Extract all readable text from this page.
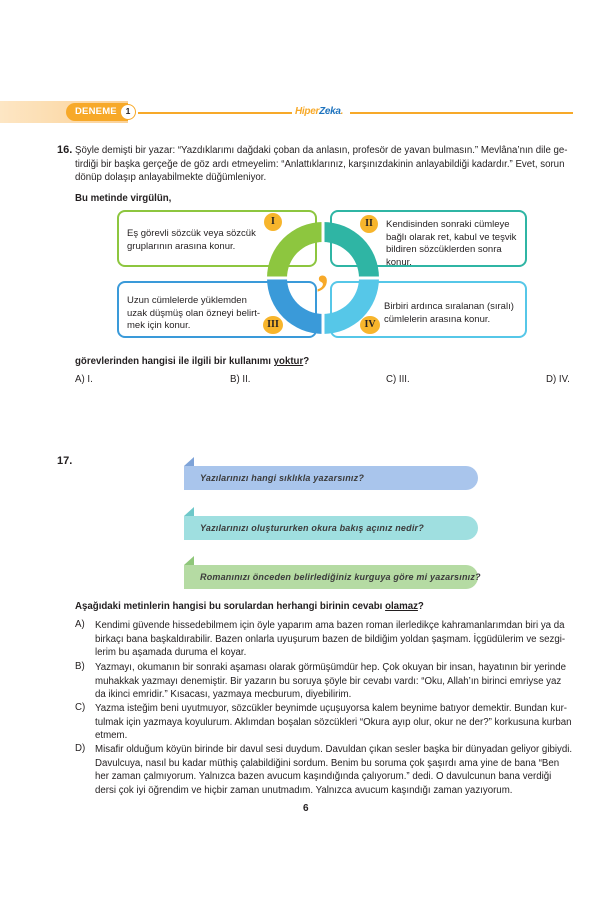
DENEME	1	HiperZeka.
16. Şöyle demişti bir yazar: “Yazdıklarımı dağdaki çoban da anlasın, profesör de yavan bulmasın.” Mevlâna’nın dile ge-
tirdiği bir başka gerçeğe de göz ardı etmeyelim: “Anlattıklarınız, karşınızdakinin anlayabildiği kadardır.” Evet, sorun
dönüp dolaşıp anlayabilmekte düğümleniyor.
Bu metinde virgülün,
Eş görevli sözcük veya sözcük
gruplarının arasına konur.
Kendisinden sonraki cümleye
bağlı olarak ret, kabul ve teşvik
bildiren sözcüklerden sonra
konur.
Uzun cümlelerde yüklemden
uzak düşmüş olan özneyi belirt-
mek için konur.
Birbiri ardınca sıralanan (sıralı)
cümlelerin arasına konur.
,
I	II
III	IV
görevlerinden hangisi ile ilgili bir kullanımı yoktur?
A) I.	B) II.	C) III.	D) IV.
17.
Yazılarınızı hangi sıklıkla yazarsınız?
Yazılarınızı oluştururken okura bakış açınız nedir?
Romanınızı önceden belirlediğiniz kurguya göre mi yazarsınız?
Aşağıdaki metinlerin hangisi bu sorulardan herhangi birinin cevabı olamaz?
A) Kendimi güvende hissedebilmem için öyle yaparım ama bazen roman ilerledikçe kahramanlarımdan biri ya da
birkaçı bana başkaldırabilir. Bazen onlarla uyuşurum bazen de bildiğim yoldan şaşmam. İçgüdülerim ve sezgi-
lerim bu aşamada duruma el koyar.
B) Yazmayı, okumanın bir sonraki aşaması olarak görmüşümdür hep. Çok okuyan bir insan, hayatının bir yerinde
muhakkak yazmayı denemiştir. Bir yazarın bu soruya şöyle bir cevabı vardı: “Oku, Allah’ın birinci emriyse yaz
da ikinci emridir.” Kısacası, yazmaya mecburum, diyebilirim.
C) Yazma isteğim beni uyutmuyor, sözcükler beynimde uçuşuyorsa kalem beynime batıyor demektir. Bundan kur-
tulmak için yazmaya koyulurum. Aklımdan boşalan sözcükleri “Okura ayıp olur, okur ne der?” korkusuna kurban
etmem.
D) Misafir olduğum köyün birinde bir davul sesi duydum. Davuldan çıkan sesler başka bir dünyadan geliyor gibiydi.
Davulcuya, nasıl bu kadar müthiş çalabildiğini sordum. Benim bu soruma çok şaşırdı ama yine de bana “Ben
her zaman çalmıyorum. Yalnızca bazen avucum kaşındığında çalıyorum.” dedi. O davulcunun bana verdiği
dersi çok iyi öğrendim ve hiçbir zaman unutmadım. Yalnızca avucum kaşındığı zaman yazıyorum.
6
